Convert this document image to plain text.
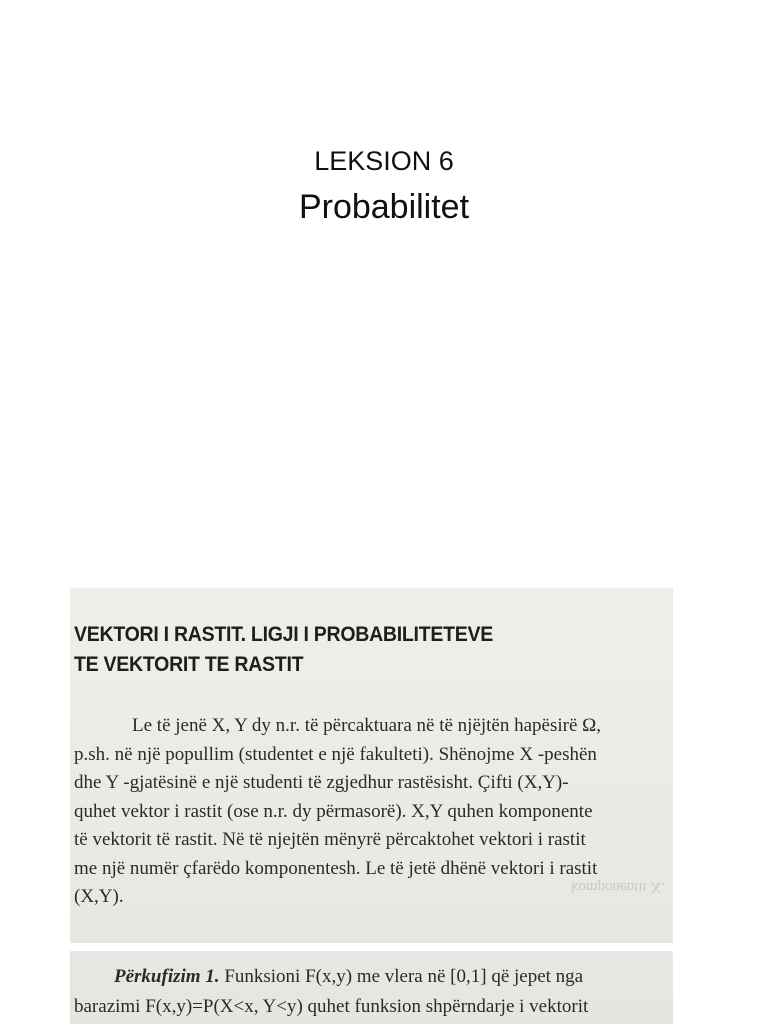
LEKSION 6
Probabilitet
komponentit X.
VEKTORI I RASTIT. LIGJI I PROBABILITETEVE
TE VEKTORIT TE RASTIT
Le të jenë X, Y dy n.r. të përcaktuara në të njëjtën hapësirë Ω,
p.sh. në një popullim (studentet e një fakulteti). Shënojme X -peshën
dhe Y -gjatësinë e një studenti të zgjedhur rastësisht. Çifti (X,Y)-
quhet vektor i rastit (ose n.r. dy përmasorë). X,Y quhen komponente
të vektorit të rastit. Në të njejtën mënyrë përcaktohet vektori i rastit
me një numër çfarëdo komponentesh. Le të jetë dhënë vektori i rastit
(X,Y).
Përkufizim 1. Funksioni F(x,y) me vlera në [0,1] që jepet nga
barazimi F(x,y)=P(X<x, Y<y) quhet funksion shpërndarje i vektorit
